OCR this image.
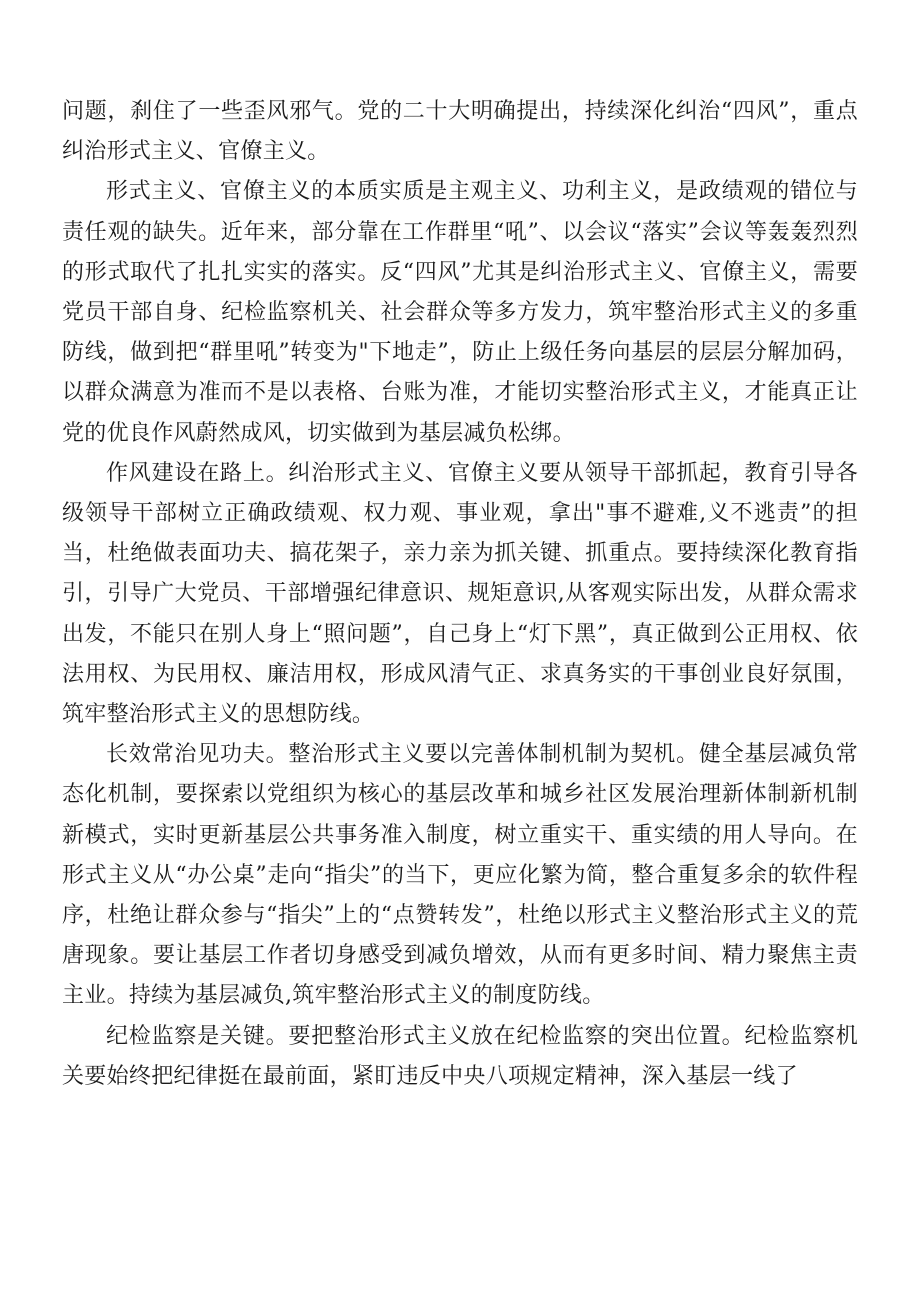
问题，刹住了一些歪风邪气。党的二十大明确提出，持续深化纠治“四风”，重点纠治形式主义、官僚主义。

形式主义、官僚主义的本质实质是主观主义、功利主义，是政绩观的错位与责任观的缺失。近年来，部分靠在工作群里“吼”、以会议“落实”会议等轰轰烈烈的形式取代了扎扎实实的落实。反“四风”尤其是纠治形式主义、官僚主义，需要党员干部自身、纪检监察机关、社会群众等多方发力，筑牢整治形式主义的多重防线，做到把“群里吼”转变为"下地走”，防止上级任务向基层的层层分解加码，以群众满意为准而不是以表格、台账为准，才能切实整治形式主义，才能真正让党的优良作风蔚然成风，切实做到为基层减负松绑。

作风建设在路上。纠治形式主义、官僚主义要从领导干部抓起，教育引导各级领导干部树立正确政绩观、权力观、事业观，拿出"事不避难,义不逃责”的担当，杜绝做表面功夫、搞花架子，亲力亲为抓关键、抓重点。要持续深化教育指引，引导广大党员、干部增强纪律意识、规矩意识,从客观实际出发，从群众需求出发，不能只在别人身上“照问题”，自己身上“灯下黑”，真正做到公正用权、依法用权、为民用权、廉洁用权，形成风清气正、求真务实的干事创业良好氛围，筑牢整治形式主义的思想防线。

长效常治见功夫。整治形式主义要以完善体制机制为契机。健全基层减负常态化机制，要探索以党组织为核心的基层改革和城乡社区发展治理新体制新机制新模式，实时更新基层公共事务准入制度，树立重实干、重实绩的用人导向。在形式主义从“办公桌”走向“指尖”的当下，更应化繁为简，整合重复多余的软件程序，杜绝让群众参与“指尖”上的“点赞转发”，杜绝以形式主义整治形式主义的荒唐现象。要让基层工作者切身感受到减负增效，从而有更多时间、精力聚焦主责主业。持续为基层减负,筑牢整治形式主义的制度防线。

纪检监察是关键。要把整治形式主义放在纪检监察的突出位置。纪检监察机关要始终把纪律挺在最前面，紧盯违反中央八项规定精神，深入基层一线了
